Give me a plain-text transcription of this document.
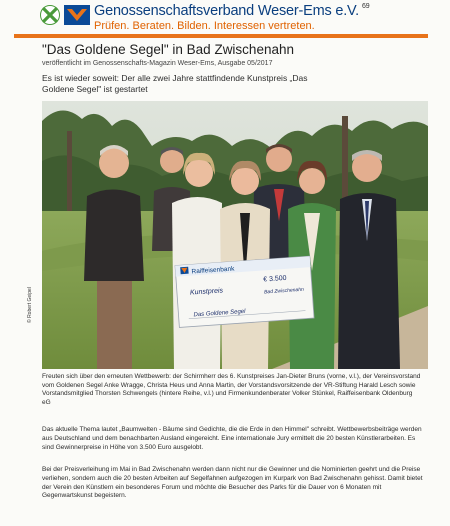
Genossenschaftsverband Weser-Ems e.V. $^{69}$
Prüfen. Beraten. Bilden. Interessen vertreten.
"Das Goldene Segel" in Bad Zwischenahn
veröffentlicht im Genossenschafts-Magazin Weser-Ems, Ausgabe 05/2017
Es ist wieder soweit: Der alle zwei Jahre stattfindende Kunstpreis „Das Goldene Segel" ist gestartet
Raiffeisenbank
Kunstpreis
€ 3.500
Bad Zwischenahn
Das Goldene Segel
© Robert Geipel
Freuten sich über den erneuten Wettbewerb: der Schirmherr des 6. Kunstpreises Jan-Dieter Bruns (vorne, v.l.), der Vereinsvorstand vom Goldenen Segel Anke Wragge, Christa Heus und Anna Martin, der Vorstandsvorsitzende der VR-Stiftung Harald Lesch sowie Vorstandsmitglied Thorsten Schwengels (hintere Reihe, v.l.) und Firmenkundenberater Volker Stünkel, Raiffeisenbank Oldenburg eG
Das aktuelle Thema lautet „Baumwelten - Bäume sind Gedichte, die die Erde in den Himmel" schreibt. Wettbewerbsbeiträge werden aus Deutschland und dem benachbarten Ausland eingereicht. Eine internationale Jury ermittelt die 20 besten Künstlerarbeiten. Es sind Gewinnerpreise in Höhe von 3.500 Euro ausgelobt.
Bei der Preisverleihung im Mai in Bad Zwischenahn werden dann nicht nur die Gewinner und die Nominierten geehrt und die Preise verliehen, sondern auch die 20 besten Arbeiten auf Segelfahnen aufgezogen im Kurpark von Bad Zwischenahn gehisst. Damit bietet der Verein den Künstlern ein besonderes Forum und möchte die Besucher des Parks für die Dauer von 6 Monaten mit Gegenwartskunst begeistern.
